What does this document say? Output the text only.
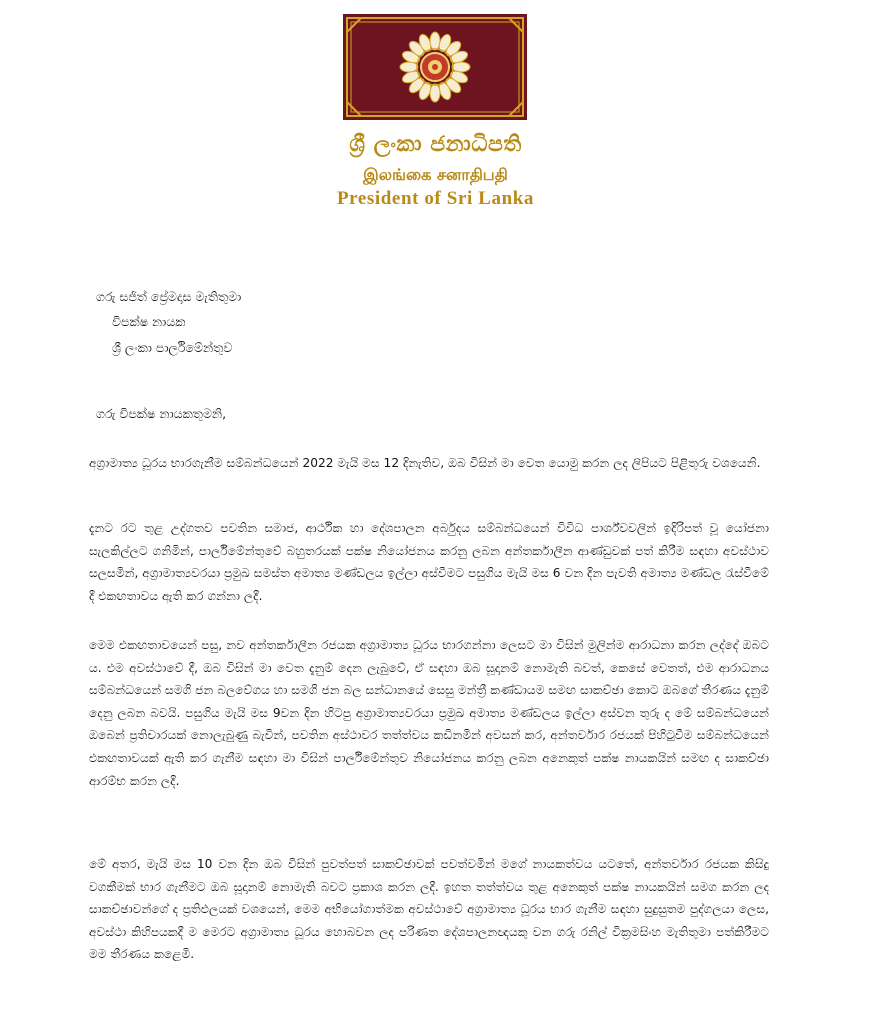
ශ්‍රී ලංකා ජනාධිපති
இலங்கை சனாதிபதி
President of Sri Lanka
ගරු සජිත් ප්‍රේමදාස මැතිතුමා
විපක්ෂ නායක
ශ්‍රී ලංකා පාර්ලිමේන්තුව
ගරු විපක්ෂ නායකතුමනි,

අග්‍රාමාත්‍ය ධූරය භාරගැනීම සම්බන්ධයෙන් 2022 මැයි මස 12 දිනැතිව, ඔබ විසින් මා වෙත යොමු කරන ලද ලිපියට පිළිතුරු වශයෙනි.

දැනට රට තුළ උද්ගතව පවතින සමාජ, ආර්ථික හා දේශපාලන අර්බුදය සම්බන්ධයෙන් විවිධ පාර්ශ්වවලින් ඉදිරිපත් වූ යෝජනා සැලකිල්ලට ගනිමින්, පාර්ලිමේන්තුවේ බහුතරයක් පක්ෂ නියෝජනය කරනු ලබන අන්තර්කාලීන ආණ්ඩුවක් පත් කිරීම සඳහා අවස්ථාව සලසමින්, අග්‍රාමාත්‍යවරයා ප්‍රමුඛ සමස්ත අමාත්‍ය මණ්ඩලය ඉල්ලා අස්වීමට පසුගිය මැයි මස 6 වන දින පැවති අමාත්‍ය මණ්ඩල රැස්වීමේ දී එකඟතාවය ඇති කර ගන්නා ලදී.

මෙම එකඟතාවයෙන් පසු, නව අන්තර්කාලීන රජයක අග්‍රාමාත්‍ය ධූරය භාරගන්නා ලෙසට මා විසින් මුලින්ම ආරාධනා කරන ලද්දේ ඔබට ය. එම අවස්ථාවේ දී, ඔබ විසින් මා වෙත දැනුම් දෙන ලැබුවේ, ඒ සඳහා ඔබ සූදානම් නොමැති බවත්, කෙසේ වෙතත්, එම ආරාධනය සම්බන්ධයෙන් සමගි ජන බලවේගය හා සමගි ජන බල සන්ධානයේ සෙසු මන්ත්‍රී කණ්ඩායම සමඟ සාකච්ඡා කොට ඔබගේ තීරණය දැනුම් දෙනු ලබන බවයි. පසුගිය මැයි මස 9වන දින හිටපු අග්‍රාමාත්‍යවරයා ප්‍රමුඛ අමාත්‍ය මණ්ඩලය ඉල්ලා අස්වන තුරු ද මේ සම්බන්ධයෙන් ඔබෙන් ප්‍රතිචාරයක් නොලැබුණු බැවින්, පවතින අස්ථාවර තත්ත්වය කඩිනමින් අවසන් කර, අන්තර්වාර රජයක් පිහිටුවීම සම්බන්ධයෙන් එකඟතාවයක් ඇති කර ගැනීම සඳහා මා විසින් පාර්ලිමේන්තුව නියෝජනය කරනු ලබන අනෙකුත් පක්ෂ නායකයින් සමඟ ද සාකච්ඡා ආරම්භ කරන ලදී.

මේ අතර, මැයි මස 10 වන දින ඔබ විසින් පුවත්පත් සාකච්ඡාවක් පවත්වමින් මගේ නායකත්වය යටතේ, අන්තර්වාර රජයක කිසිදු වගකීමක් භාර ගැනීමට ඔබ සූදානම් නොමැති බවට ප්‍රකාශ කරන ලදී. ඉහත තත්ත්වය තුළ අනෙකුත් පක්ෂ නායකයින් සමග කරන ලද සාකච්ඡාවන්ගේ ද ප්‍රතිඵලයක් වශයෙන්, මෙම අභියෝගාත්මක අවස්ථාවේ අග්‍රාමාත්‍ය ධූරය භාර ගැනීම සඳහා සුදුසුතම පුද්ගලයා ලෙස, අවස්ථා කිහිපයකදී ම මෙරට අග්‍රාමාත්‍ය ධූරය හොබවන ලද පරිණත දේශපාලනඥයකු වන ගරු රනිල් වික්‍රමසිංහ මැතිතුමා පත්කිරීමට මම තීරණය කළෙමි.
